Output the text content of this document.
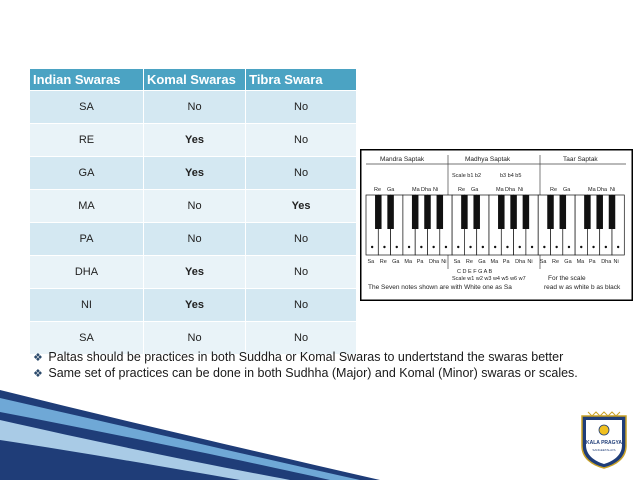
Indian Swaras	Komal Swaras	Tibra Swara
SA	No	No
RE	Yes	No
GA	Yes	No
MA	No	Yes
PA	No	No
DHA	Yes	No
NI	Yes	No
SA	No	No
Mandra Saptak	Madhya Saptak	Taar Saptak
Scale b1 b2	b3 b4 b5
Re Ga	Ma Dha Ni	Re Ga	Ma Dha Ni	Re Ga	Ma Dha Ni
Sa Re Ga Ma Pa Dha Ni Sa Re Ga Ma Pa Dha Ni Sa Re Ga Ma Pa Dha Ni
C D E F G A B
Scale w1 w2 w3 w4 w5 w6 w7	For the scale
read w as white b as black
The Seven notes shown are with White one as Sa

❖ Paltas should be practices in both Suddha or Komal Swaras to undertstand the swaras better

❖ Same set of practices can be done in both Sudhha (Major) and Komal (Minor) swaras or scales.

KALA PRAGYA
SANGEETALAYA
